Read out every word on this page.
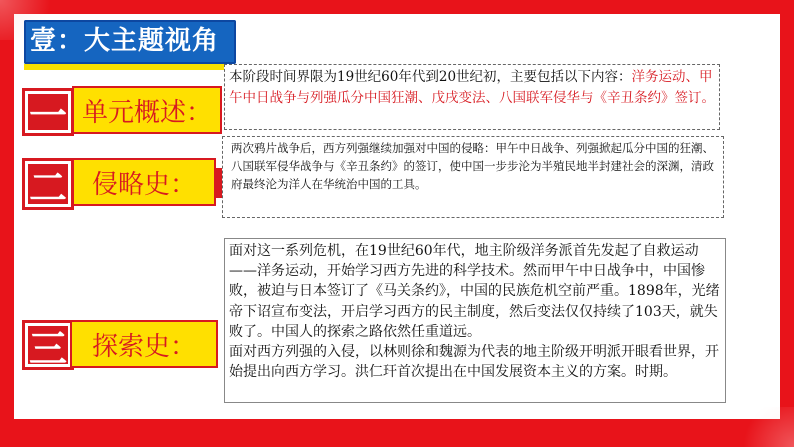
壹：大主题视角
一 单元概述：
本阶段时间界限为19世纪60年代到20世纪初，主要包括以下内容：洋务运动、甲午中日战争与列强瓜分中国狂潮、戊戌变法、八国联军侵华与《辛丑条约》签订。
二 侵略史：
两次鸦片战争后，西方列强继续加强对中国的侵略：甲午中日战争、列强掀起瓜分中国的狂潮、八国联军侵华战争与《辛丑条约》的签订，使中国一步步沦为半殖民地半封建社会的深渊，清政府最终沦为洋人在华统治中国的工具。
三 探索史：

面对这一系列危机，在19世纪60年代，地主阶级洋务派首先发起了自救运动——洋务运动，开始学习西方先进的科学技术。然而甲午中日战争中，中国惨败，被迫与日本签订了《马关条约》，中国的民族危机空前严重。1898年，光绪帝下诏宣布变法，开启学习西方的民主制度，然后变法仅仅持续了103天，就失败了。中国人的探索之路依然任重道远。

面对西方列强的入侵，以林则徐和魏源为代表的地主阶级开明派开眼看世界，开始提出向西方学习。洪仁玕首次提出在中国发展资本主义的方案。时期。
